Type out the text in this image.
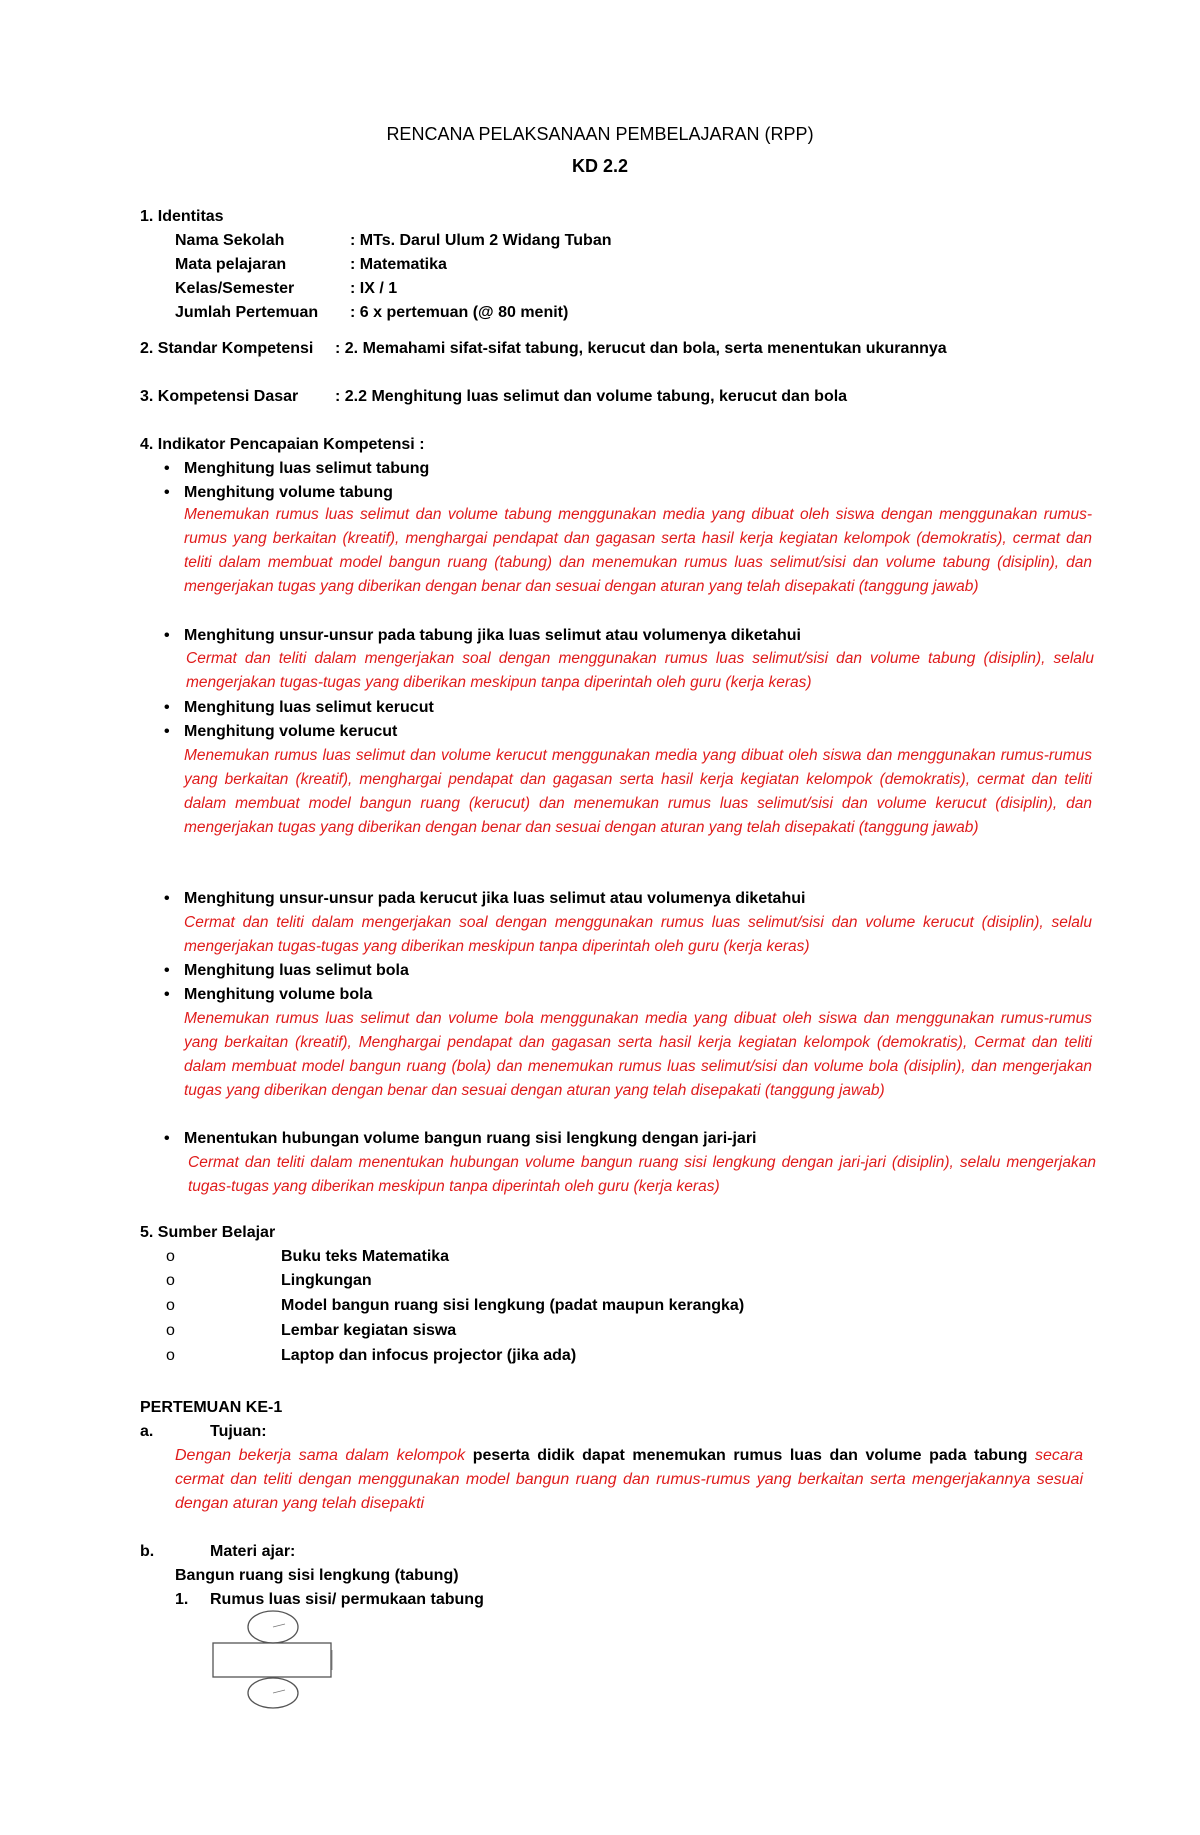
RENCANA PELAKSANAAN PEMBELAJARAN (RPP)
KD 2.2
1. Identitas
Nama Sekolah	: MTs. Darul Ulum 2 Widang Tuban
Mata pelajaran	: Matematika
Kelas/Semester	: IX / 1
Jumlah Pertemuan : 6 x pertemuan (@ 80 menit)
2. Standar Kompetensi : 2. Memahami sifat-sifat tabung, kerucut dan bola, serta menentukan ukurannya
3. Kompetensi Dasar : 2.2 Menghitung luas selimut dan volume tabung, kerucut dan bola
4. Indikator Pencapaian Kompetensi :
• Menghitung luas selimut tabung
• Menghitung volume tabung
Menemukan rumus luas selimut dan volume tabung menggunakan media yang dibuat oleh siswa dengan menggunakan rumus-rumus yang berkaitan (kreatif), menghargai pendapat dan gagasan serta hasil kerja kegiatan kelompok (demokratis), cermat dan teliti dalam membuat model bangun ruang (tabung) dan menemukan rumus luas selimut/sisi dan volume tabung (disiplin), dan mengerjakan tugas yang diberikan dengan benar dan sesuai dengan aturan yang telah disepakati (tanggung jawab)
• Menghitung unsur-unsur pada tabung jika luas selimut atau volumenya diketahui
Cermat dan teliti dalam mengerjakan soal dengan menggunakan rumus luas selimut/sisi dan volume tabung (disiplin), selalu mengerjakan tugas-tugas yang diberikan meskipun tanpa diperintah oleh guru (kerja keras)
• Menghitung luas selimut kerucut
• Menghitung volume kerucut
Menemukan rumus luas selimut dan volume kerucut menggunakan media yang dibuat oleh siswa dan menggunakan rumus-rumus yang berkaitan (kreatif), menghargai pendapat dan gagasan serta hasil kerja kegiatan kelompok (demokratis), cermat dan teliti dalam membuat model bangun ruang (kerucut) dan menemukan rumus luas selimut/sisi dan volume kerucut (disiplin), dan mengerjakan tugas yang diberikan dengan benar dan sesuai dengan aturan yang telah disepakati (tanggung jawab)
• Menghitung unsur-unsur pada kerucut jika luas selimut atau volumenya diketahui
Cermat dan teliti dalam mengerjakan soal dengan menggunakan rumus luas selimut/sisi dan volume kerucut (disiplin), selalu mengerjakan tugas-tugas yang diberikan meskipun tanpa diperintah oleh guru (kerja keras)
• Menghitung luas selimut bola
• Menghitung volume bola
Menemukan rumus luas selimut dan volume bola menggunakan media yang dibuat oleh siswa dan menggunakan rumus-rumus yang berkaitan (kreatif), Menghargai pendapat dan gagasan serta hasil kerja kegiatan kelompok (demokratis), Cermat dan teliti dalam membuat model bangun ruang (bola) dan menemukan rumus luas selimut/sisi dan volume bola (disiplin), dan mengerjakan tugas yang diberikan dengan benar dan sesuai dengan aturan yang telah disepakati (tanggung jawab)
• Menentukan hubungan volume bangun ruang sisi lengkung dengan jari-jari
Cermat dan teliti dalam menentukan hubungan volume bangun ruang sisi lengkung dengan jari-jari (disiplin), selalu mengerjakan tugas-tugas yang diberikan meskipun tanpa diperintah oleh guru (kerja keras)
5. Sumber Belajar
o	Buku teks Matematika
o	Lingkungan
o	Model bangun ruang sisi lengkung (padat maupun kerangka)
o	Lembar kegiatan siswa
o	Laptop dan infocus projector (jika ada)
PERTEMUAN KE-1
a.	Tujuan:
Dengan bekerja sama dalam kelompok peserta didik dapat menemukan rumus luas dan volume pada tabung secara cermat dan teliti dengan menggunakan model bangun ruang dan rumus-rumus yang berkaitan serta mengerjakannya sesuai dengan aturan yang telah disepakti
b.	Materi ajar:
Bangun ruang sisi lengkung (tabung)
1. Rumus luas sisi/ permukaan tabung
